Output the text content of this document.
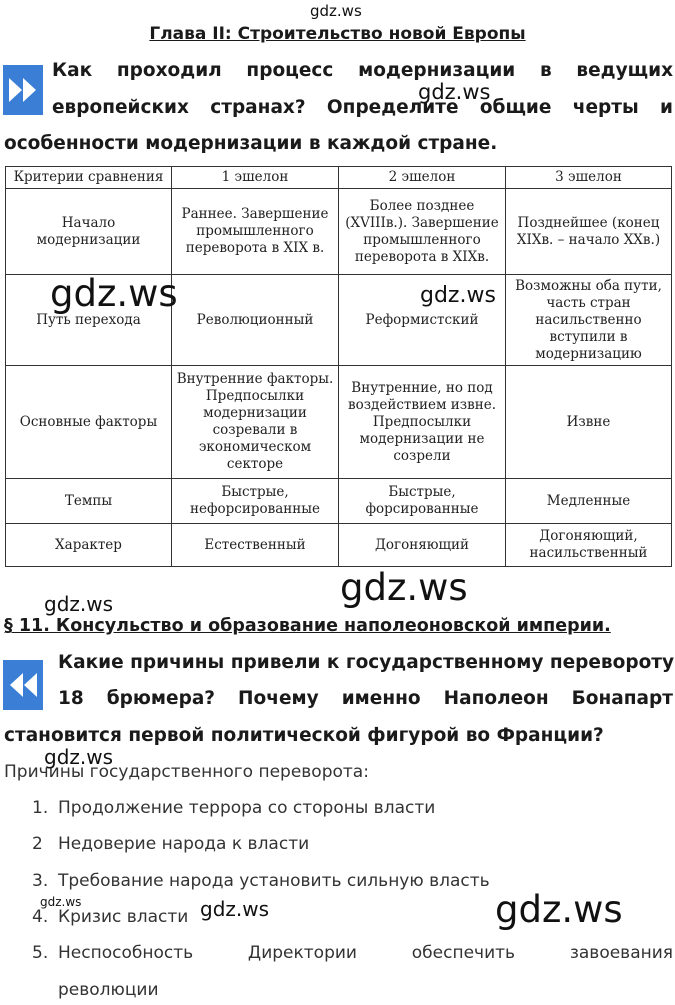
Глава II: Строительство новой Европы
Как проходил процесс модернизации в ведущих
европейских странах? Определите общие черты и
особенности модернизации в каждой стране.
Критерии сравнения	1 эшелон	2 эшелон	3 эшелон
Начало модернизации	Раннее. Завершение промышленного переворота в XIX в.	Более позднее (XVIIIв.). Завершение промышленного переворота в XIXв.	Позднейшее (конец XIXв. – начало XXв.)
Путь перехода	Революционный	Реформистский	Возможны оба пути, часть стран насильственно вступили в модернизацию
Основные факторы	Внутренние факторы. Предпосылки модернизации созревали в экономическом секторе	Внутренние, но под воздействием извне. Предпосылки модернизации не созрели	Извне
Темпы	Быстрые, нефорсированные	Быстрые, форсированные	Медленные
Характер	Естественный	Догоняющий	Догоняющий, насильственный
§ 11. Консульство и образование наполеоновской империи.
Какие причины привели к государственному перевороту
18 брюмера? Почему именно Наполеон Бонапарт
становится первой политической фигурой во Франции?
Причины государственного переворота:
1. Продолжение террора со стороны власти
2 Недоверие народа к власти
3. Требование народа установить сильную власть
4. Кризис власти
5. Неспособность Директории обеспечить завоевания
революции
gdz.ws
gdz.ws
gdz.ws	gdz.ws
gdz.ws
gdz.ws
gdz.ws
gdz.ws	gdz.ws	gdz.ws
